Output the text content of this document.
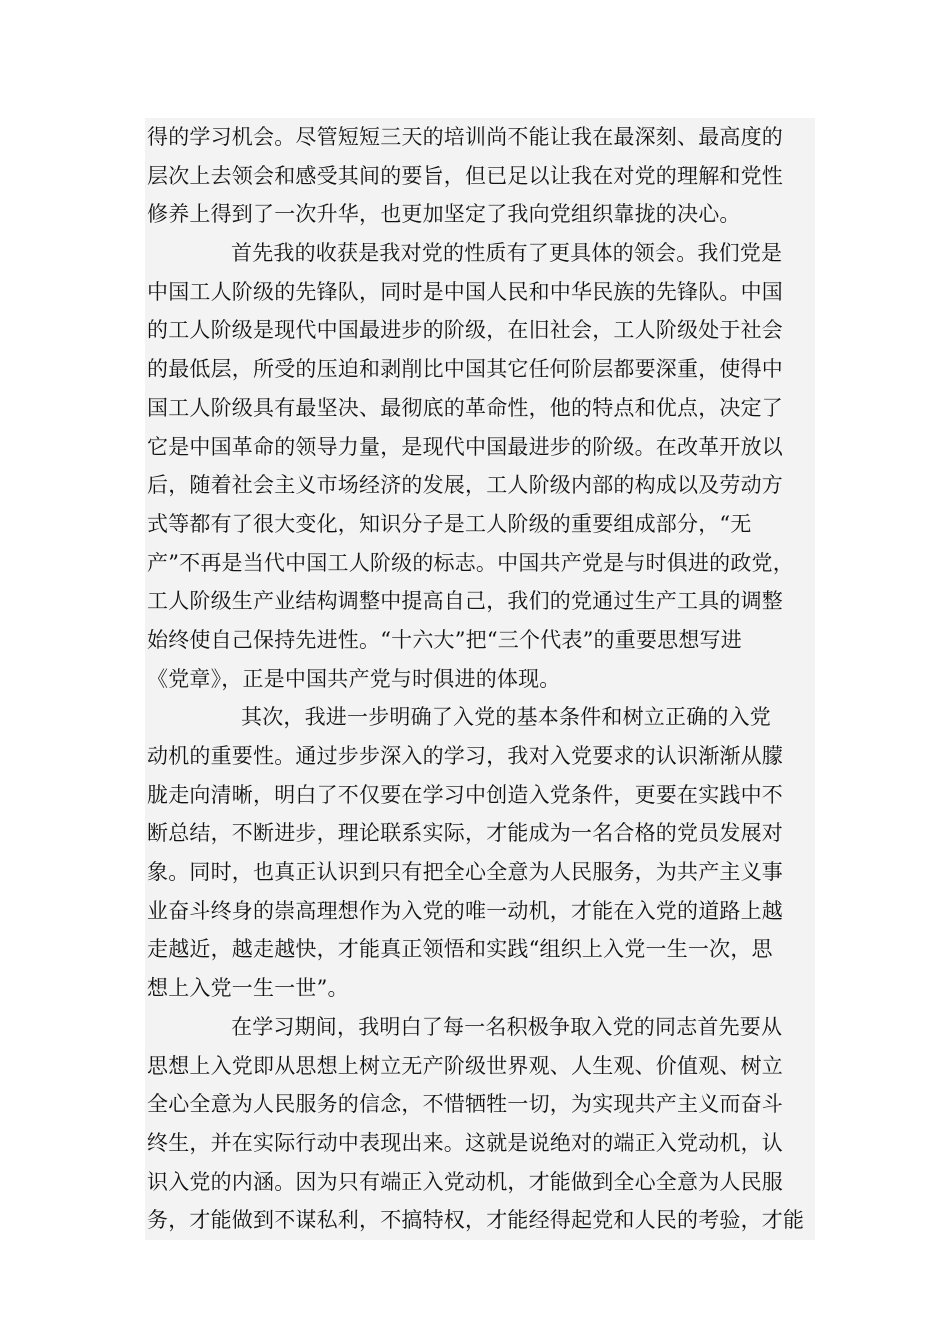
得的学习机会。尽管短短三天的培训尚不能让我在最深刻、最高度的
层次上去领会和感受其间的要旨，但已足以让我在对党的理解和党性
修养上得到了一次升华，也更加坚定了我向党组织靠拢的决心。
首先我的收获是我对党的性质有了更具体的领会。我们党是
中国工人阶级的先锋队，同时是中国人民和中华民族的先锋队。中国
的工人阶级是现代中国最进步的阶级，在旧社会，工人阶级处于社会
的最低层，所受的压迫和剥削比中国其它任何阶层都要深重，使得中
国工人阶级具有最坚决、最彻底的革命性，他的特点和优点，决定了
它是中国革命的领导力量，是现代中国最进步的阶级。在改革开放以
后，随着社会主义市场经济的发展，工人阶级内部的构成以及劳动方
式等都有了很大变化，知识分子是工人阶级的重要组成部分，“无
产”不再是当代中国工人阶级的标志。中国共产党是与时俱进的政党，
工人阶级生产业结构调整中提高自己，我们的党通过生产工具的调整
始终使自己保持先进性。“十六大”把“三个代表”的重要思想写进
《党章》，正是中国共产党与时俱进的体现。
其次，我进一步明确了入党的基本条件和树立正确的入党
动机的重要性。通过步步深入的学习，我对入党要求的认识渐渐从朦
胧走向清晰，明白了不仅要在学习中创造入党条件，更要在实践中不
断总结，不断进步，理论联系实际，才能成为一名合格的党员发展对
象。同时，也真正认识到只有把全心全意为人民服务，为共产主义事
业奋斗终身的崇高理想作为入党的唯一动机，才能在入党的道路上越
走越近，越走越快，才能真正领悟和实践“组织上入党一生一次，思
想上入党一生一世”。
在学习期间，我明白了每一名积极争取入党的同志首先要从
思想上入党即从思想上树立无产阶级世界观、人生观、价值观、树立
全心全意为人民服务的信念，不惜牺牲一切，为实现共产主义而奋斗
终生，并在实际行动中表现出来。这就是说绝对的端正入党动机，认
识入党的内涵。因为只有端正入党动机，才能做到全心全意为人民服
务，才能做到不谋私利，不搞特权，才能经得起党和人民的考验，才能
